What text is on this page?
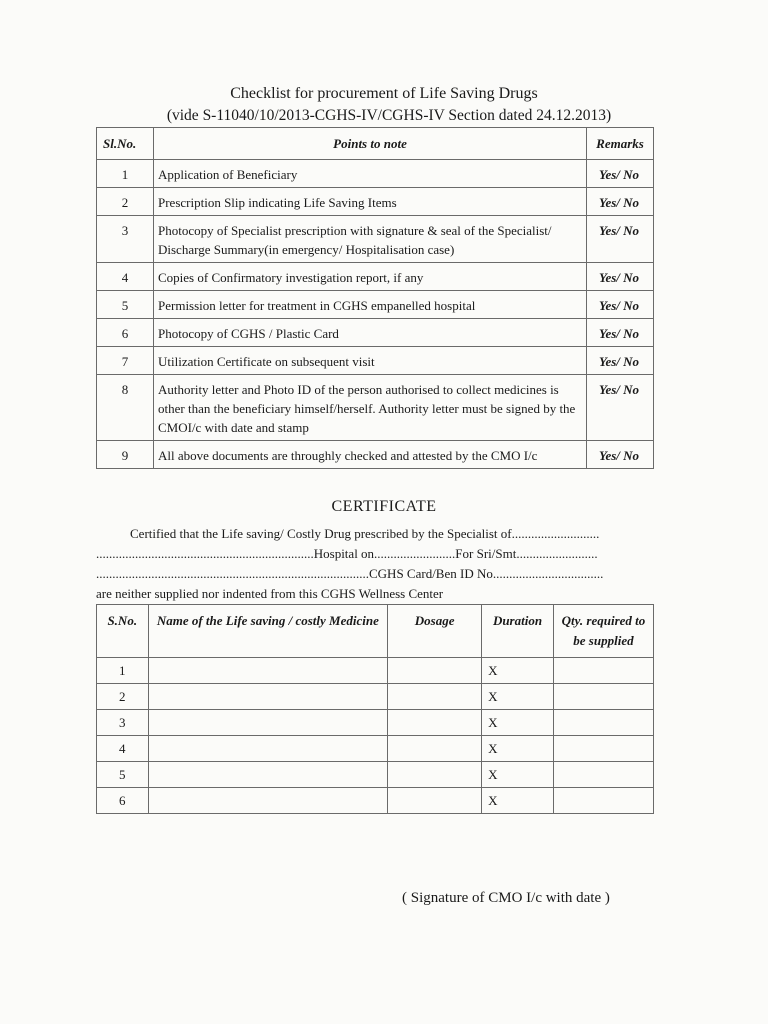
Checklist for procurement of Life Saving Drugs
(vide S-11040/10/2013-CGHS-IV/CGHS-IV Section dated 24.12.2013)
Sl.No.	Points to note	Remarks
1	Application of Beneficiary	Yes/ No
2	Prescription Slip indicating Life Saving Items	Yes/ No
3	Photocopy of Specialist prescription with signature & seal of the Specialist/ Discharge Summary(in emergency/ Hospitalisation case)	Yes/ No
4	Copies of Confirmatory investigation report, if any	Yes/ No
5	Permission letter for treatment in CGHS empanelled hospital	Yes/ No
6	Photocopy of CGHS / Plastic Card	Yes/ No
7	Utilization Certificate on subsequent visit	Yes/ No
8	Authority letter and Photo ID of the person authorised to collect medicines is other than the beneficiary himself/herself. Authority letter must be signed by the CMOI/c with date and stamp	Yes/ No
9	All above documents are throughly checked and attested by the CMO I/c	Yes/ No
CERTIFICATE
Certified that the Life saving/ Costly Drug prescribed by the Specialist of...........................
...................................................................Hospital on.........................For Sri/Smt.........................
....................................................................................CGHS Card/Ben ID No..................................
are neither supplied nor indented from this CGHS Wellness Center
S.No.	Name of the Life saving / costly Medicine	Dosage	Duration	Qty. required to be supplied
1			X	
2			X	
3			X	
4			X	
5			X	
6			X	
( Signature of CMO I/c with date )
